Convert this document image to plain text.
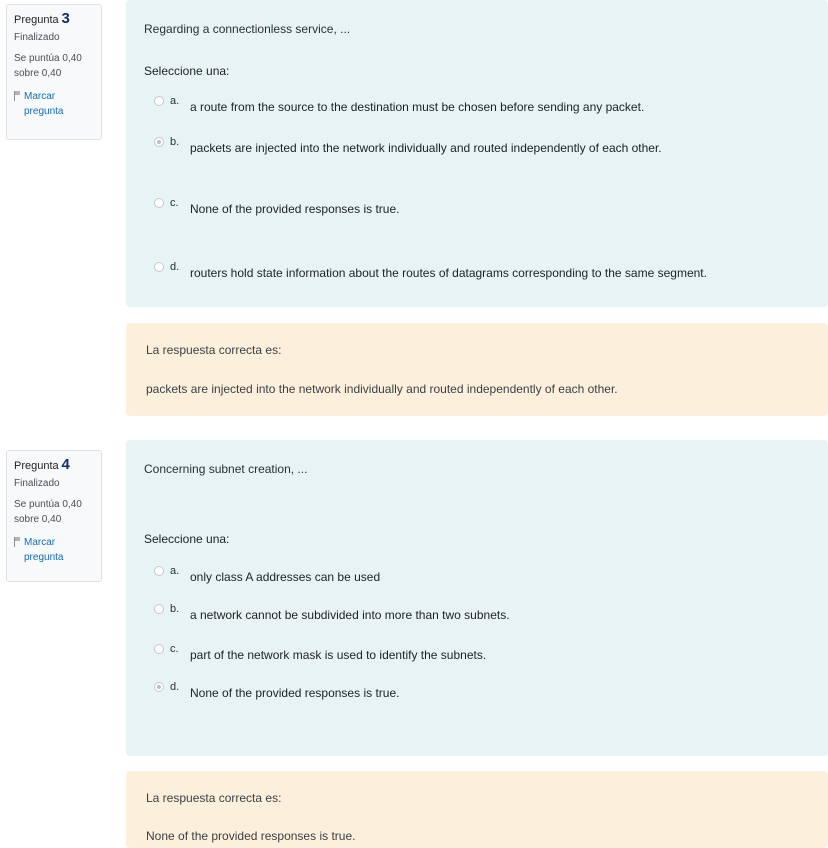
Pregunta 3
Finalizado
Se puntúa 0,40
sobre 0,40
Marcar
pregunta
Regarding a connectionless service, ...
Seleccione una:
a. a route from the source to the destination must be chosen before sending any packet.
b. packets are injected into the network individually and routed independently of each other.
c. None of the provided responses is true.
d. routers hold state information about the routes of datagrams corresponding to the same segment.
La respuesta correcta es:
packets are injected into the network individually and routed independently of each other.
Pregunta 4
Finalizado
Se puntúa 0,40
sobre 0,40
Marcar
pregunta
Concerning subnet creation, ...
Seleccione una:
a. only class A addresses can be used
b. a network cannot be subdivided into more than two subnets.
c. part of the network mask is used to identify the subnets.
d. None of the provided responses is true.
La respuesta correcta es:
None of the provided responses is true.
